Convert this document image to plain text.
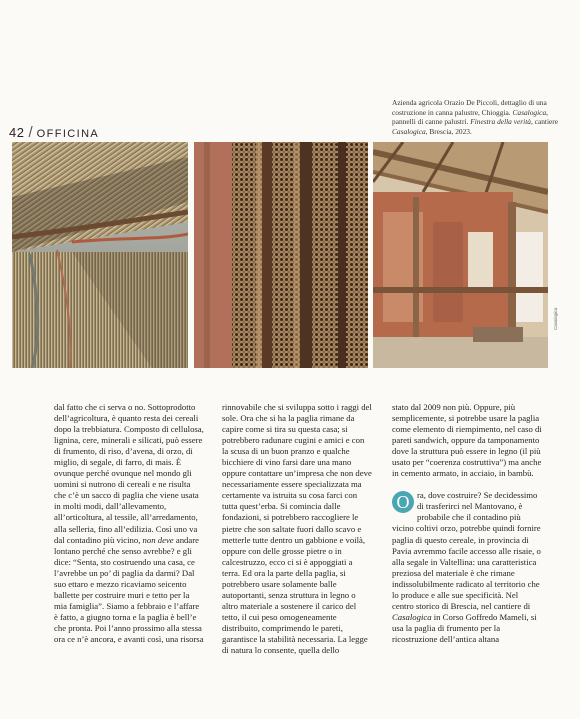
Azienda agricola Orazio De Piccoli, dettaglio di una costruzione in canna palustre, Chioggia. Casalogica, pannelli di canne palustri. Finestra della verità, cantiere Casalogica, Brescia, 2023.
42 / OFFICINA
Casalogica

dal fatto che ci serva o no. Sottoprodotto dell’agricoltura, è quanto resta dei cereali dopo la trebbiatura. Composto di cellulosa, lignina, cere, minerali e silicati, può essere di frumento, di riso, d’avena, di orzo, di miglio, di segale, di farro, di mais. È ovunque perché ovunque nel mondo gli uomini si nutrono di cereali e ne risulta che c’è un sacco di paglia che viene usata in molti modi, dall’allevamento, all’orticoltura, al tessile, all’arredamento, alla selleria, fino all’edilizia. Così uno va dal contadino più vicino, non deve andare lontano perché che senso avrebbe? e gli dice: “Senta, sto costruendo una casa, ce l’avrebbe un po’ di paglia da darmi? Dal suo ettaro e mezzo ricaviamo seicento ballette per costruire muri e tetto per la mia famiglia”. Siamo a febbraio e l’affare è fatto, a giugno torna e la paglia è bell’e che pronta. Poi l’anno prossimo alla stessa ora ce n’è ancora, e avanti così, una risorsa

rinnovabile che si sviluppa sotto i raggi del sole. Ora che si ha la paglia rimane da capire come si tira su questa casa; si potrebbero radunare cugini e amici e con la scusa di un buon pranzo e qualche bicchiere di vino farsi dare una mano oppure contattare un’impresa che non deve necessariamente essere specializzata ma certamente va istruita su cosa farci con tutta quest’erba. Si comincia dalle fondazioni, si potrebbero raccogliere le pietre che son saltate fuori dallo scavo e metterle tutte dentro un gabbione e voilà, oppure con delle grosse pietre o in calcestruzzo, ecco ci si è appoggiati a terra. Ed ora la parte della paglia, si potrebbero usare solamente balle autoportanti, senza struttura in legno o altro materiale a sostenere il carico del tetto, il cui peso omogeneamente distribuito, comprimendo le pareti, garantisce la stabilità necessaria. La legge di natura lo consente, quella dello

stato dal 2009 non più. Oppure, più semplicemente, si potrebbe usare la paglia come elemento di riempimento, nel caso di pareti sandwich, oppure da tamponamento dove la struttura può essere in legno (il più usato per “coerenza costruttiva”) ma anche in cemento armato, in acciaio, in bambù.

O ra, dove costruire? Se decidessimo di trasferirci nel Mantovano, è probabile che il contadino più vicino coltivi orzo, potrebbe quindi fornire paglia di questo cereale, in provincia di Pavia avremmo facile accesso alle risaie, o alla segale in Valtellina: una caratteristica preziosa del materiale è che rimane indissolubilmente radicato al territorio che lo produce e alle sue specificità. Nel centro storico di Brescia, nel cantiere di Casalogica in Corso Goffredo Mameli, si usa la paglia di frumento per la ricostruzione dell’antica altana
